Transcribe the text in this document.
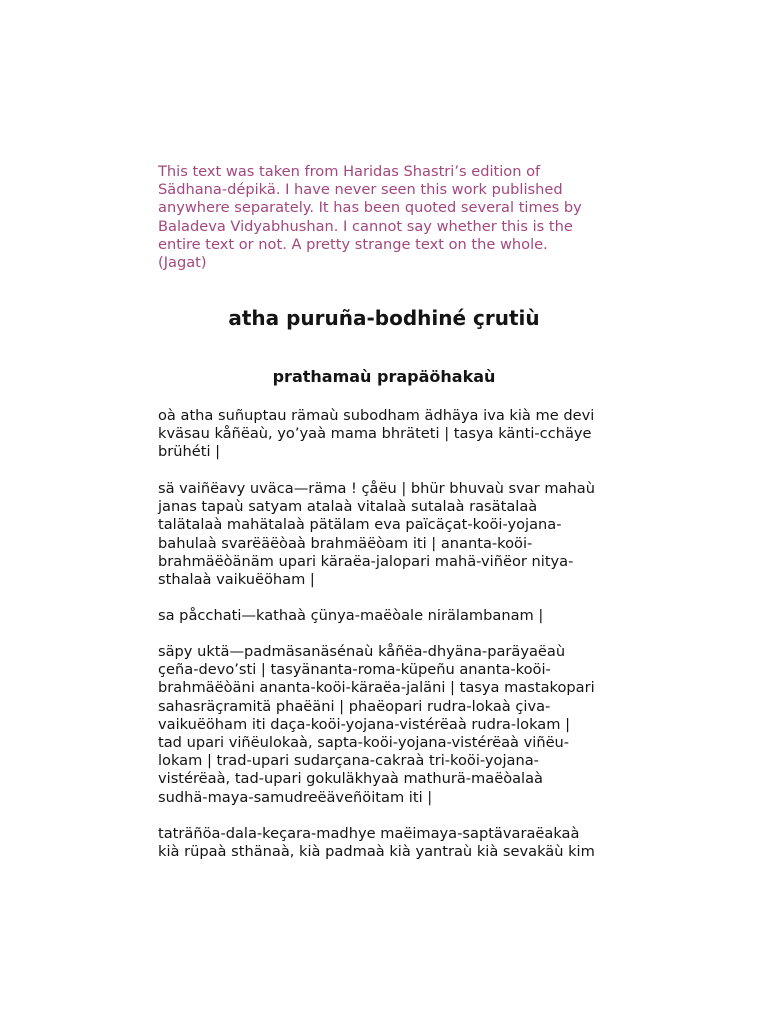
This text was taken from Haridas Shastri’s edition of
Sädhana-dépikä. I have never seen this work published
anywhere separately. It has been quoted several times by
Baladeva Vidyabhushan. I cannot say whether this is the
entire text or not. A pretty strange text on the whole.
(Jagat)
atha puruña-bodhiné çrutiù
prathamaù prapäöhakaù
oà atha suñuptau rämaù subodham ädhäya iva kià me devi
kväsau kåñëaù, yo’yaà mama bhräteti | tasya känti-cchäye
brühéti |
sä vaiñëavy uväca—räma ! çåëu | bhür bhuvaù svar mahaù
janas tapaù satyam atalaà vitalaà sutalaà rasätalaà
talätalaà mahätalaà pätälam eva païcäçat-koöi-yojana-
bahulaà svarëäëòaà brahmäëòam iti | ananta-koöi-
brahmäëòänäm upari käraëa-jalopari mahä-viñëor nitya-
sthalaà vaikuëöham |
sa påcchati—kathaà çünya-maëòale nirälambanam |
säpy uktä—padmäsanäsénaù kåñëa-dhyäna-paräyaëaù
çeña-devo’sti | tasyänanta-roma-küpeñu ananta-koöi-
brahmäëòäni ananta-koöi-käraëa-jaläni | tasya mastakopari
sahasräçramitä phaëäni | phaëopari rudra-lokaà çiva-
vaikuëöham iti daça-koöi-yojana-vistérëaà rudra-lokam |
tad upari viñëulokaà, sapta-koöi-yojana-vistérëaà viñëu-
lokam | trad-upari sudarçana-cakraà tri-koöi-yojana-
vistérëaà, tad-upari gokuläkhyaà mathurä-maëòalaà
sudhä-maya-samudreëäveñöitam iti |
taträñöa-dala-keçara-madhye maëimaya-saptävaraëakaà
kià rüpaà sthänaà, kià padmaà kià yantraù kià sevakäù kim
